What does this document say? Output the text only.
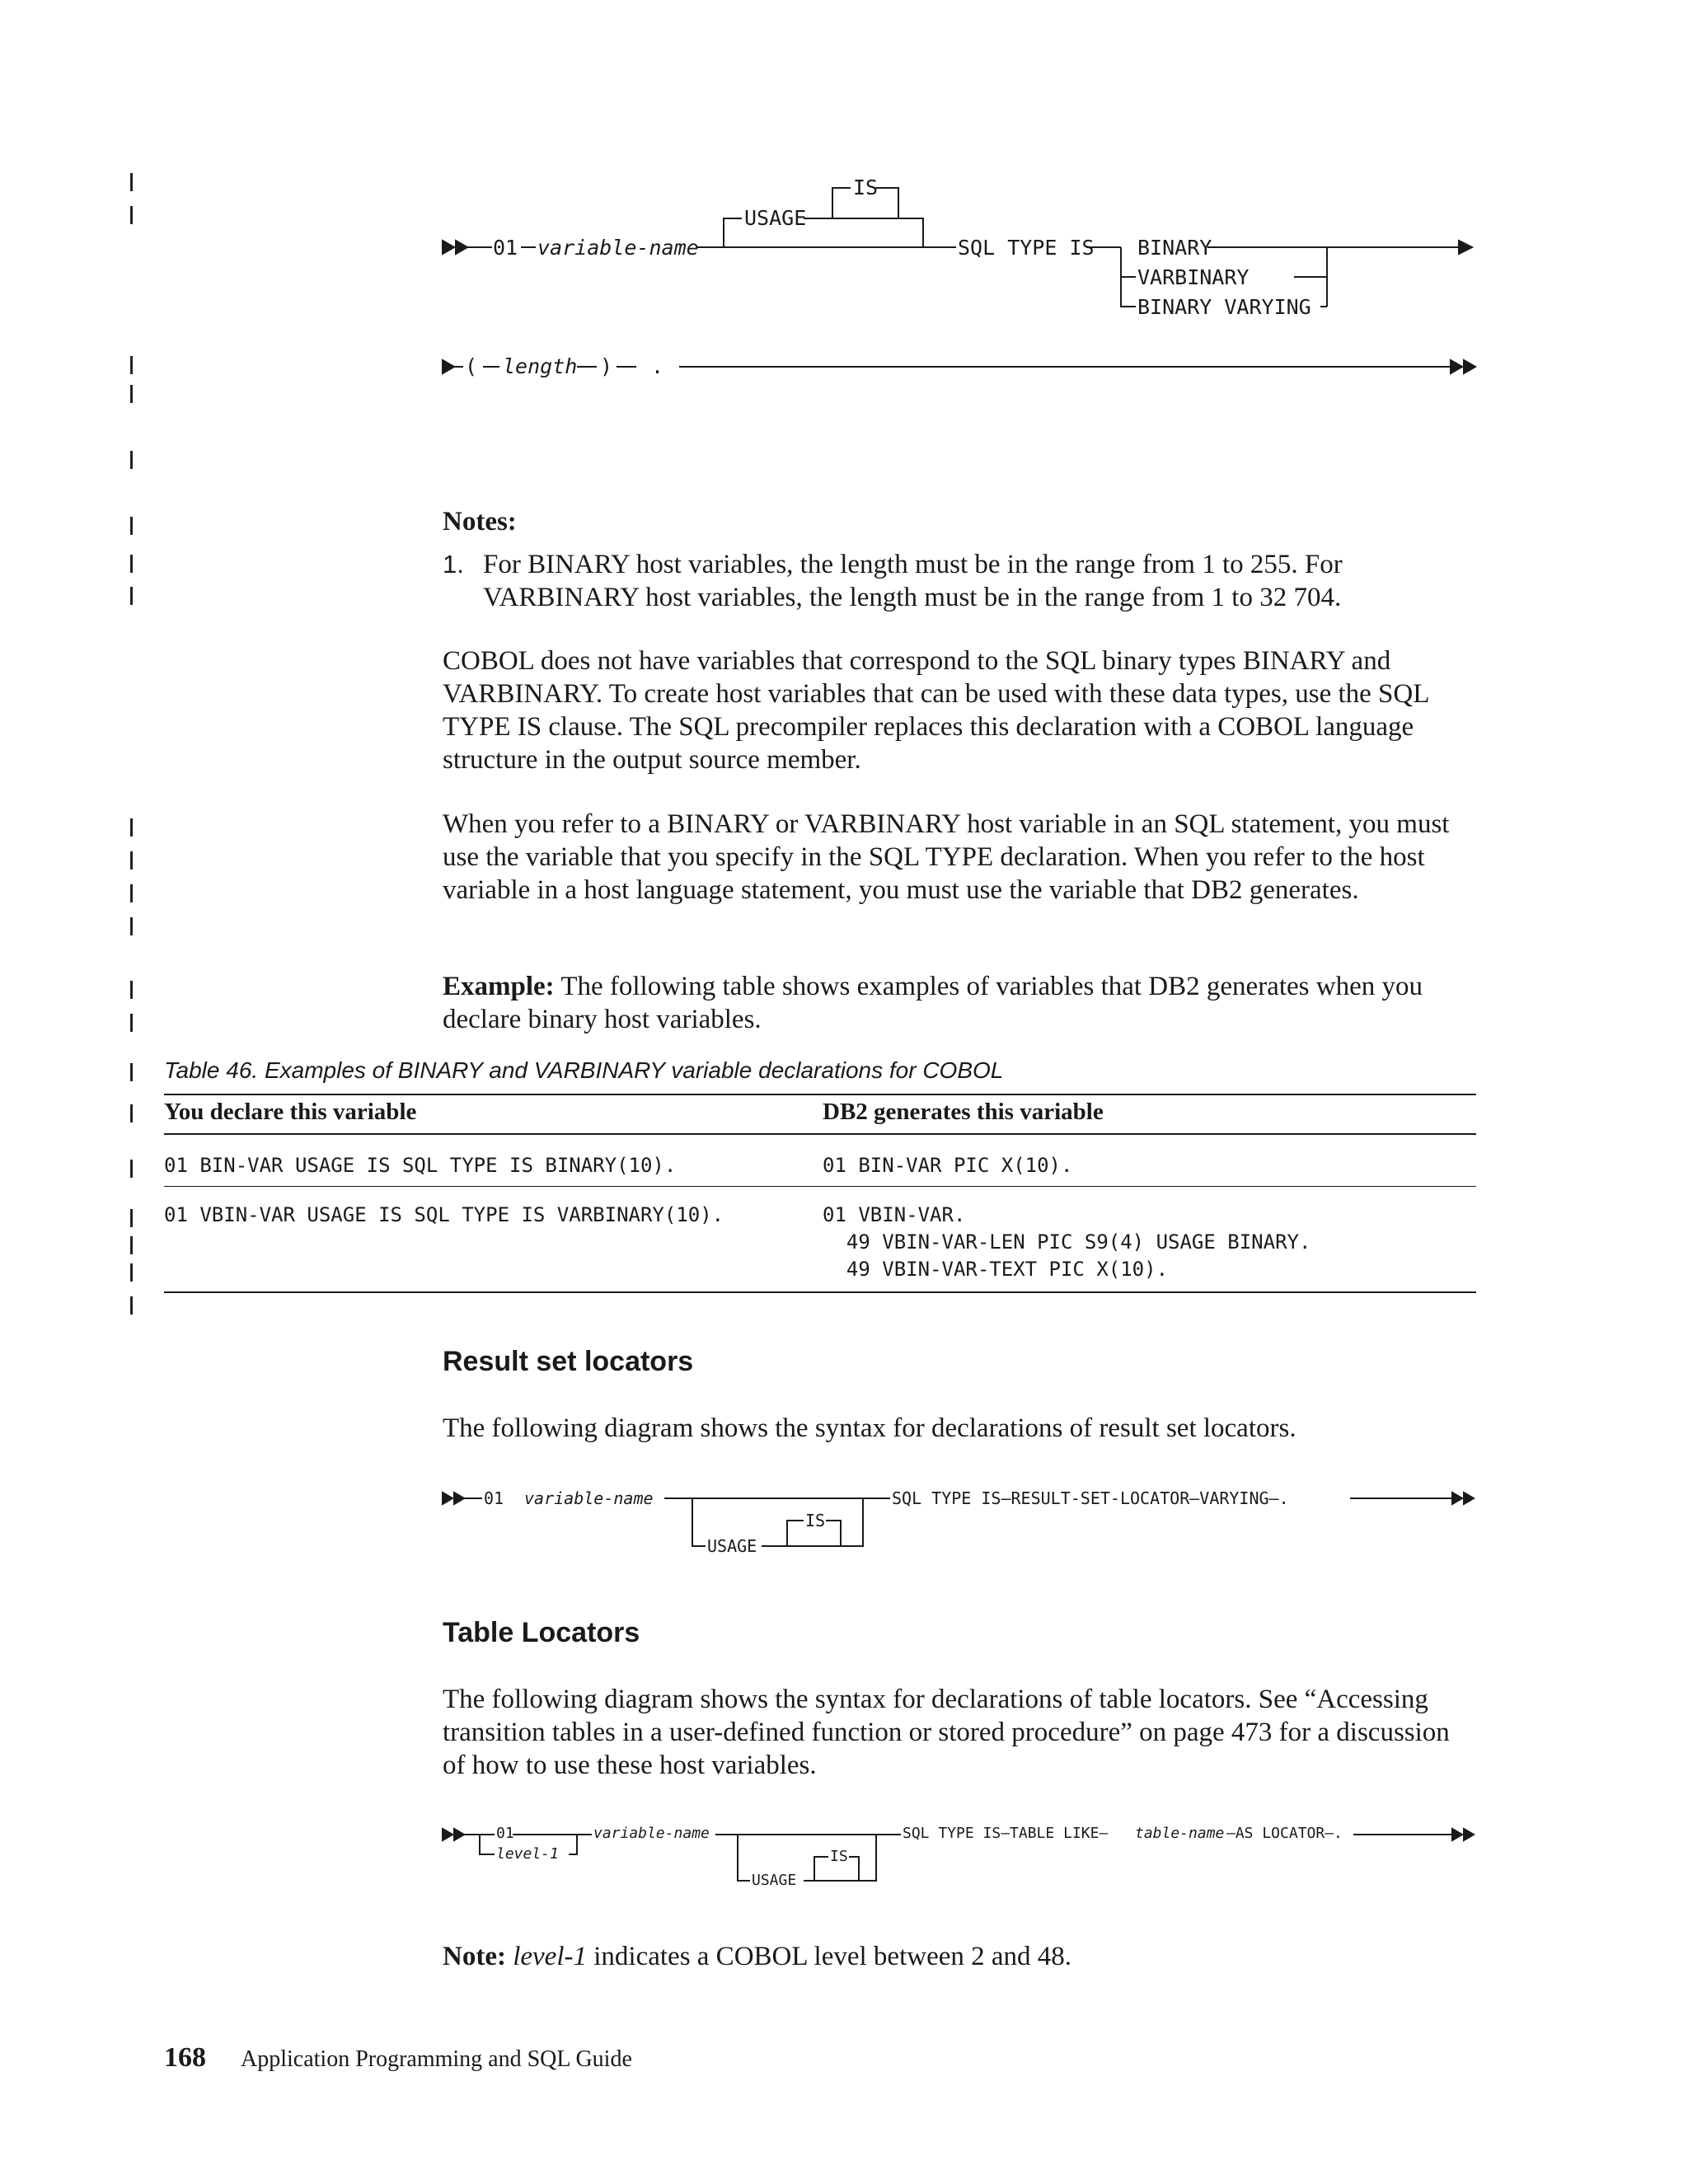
01 variable-name
USAGE
IS
SQL TYPE IS BINARY
VARBINARY
BINARY VARYING
( length ) .
Notes:
1. For BINARY host variables, the length must be in the range from 1 to 255. For
VARBINARY host variables, the length must be in the range from 1 to 32 704.

COBOL does not have variables that correspond to the SQL binary types BINARY and VARBINARY. To create host variables that can be used with these data types, use the SQL TYPE IS clause. The SQL precompiler replaces this declaration with a COBOL language structure in the output source member.

When you refer to a BINARY or VARBINARY host variable in an SQL statement, you must use the variable that you specify in the SQL TYPE declaration. When you refer to the host variable in a host language statement, you must use the variable that DB2 generates.

Example: The following table shows examples of variables that DB2 generates when you declare binary host variables.

Table 46. Examples of BINARY and VARBINARY variable declarations for COBOL
You declare this variable	DB2 generates this variable
01 BIN-VAR USAGE IS SQL TYPE IS BINARY(10).	01 BIN-VAR PIC X(10).
01 VBIN-VAR USAGE IS SQL TYPE IS VARBINARY(10).	01 VBIN-VAR.
49 VBIN-VAR-LEN PIC S9(4) USAGE BINARY.
49 VBIN-VAR-TEXT PIC X(10).
Result set locators
The following diagram shows the syntax for declarations of result set locators.
01 variable-name	SQL TYPE IS—RESULT-SET-LOCATOR—VARYING—.
USAGE
IS
Table Locators
The following diagram shows the syntax for declarations of table locators. See “Accessing transition tables in a user-defined function or stored procedure” on page 473 for a discussion of how to use these host variables.
01
level-1
variable-name	SQL TYPE IS—TABLE LIKE— table-name —AS LOCATOR—.
USAGE
IS
Note: level-1 indicates a COBOL level between 2 and 48.
168 Application Programming and SQL Guide
